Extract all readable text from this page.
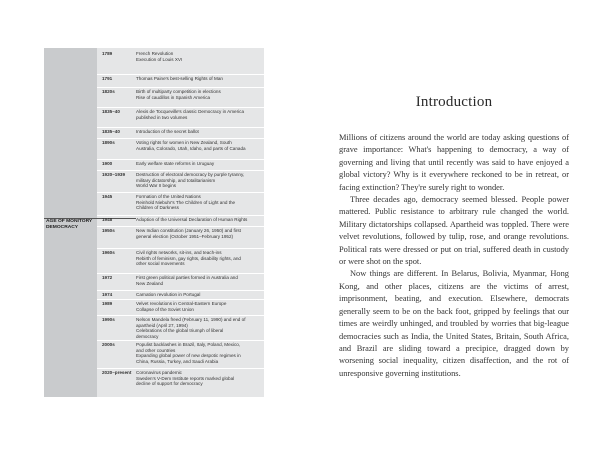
AGE OF MONITORY DEMOCRACY
1789	French Revolution
Execution of Louis XVI
1791	Thomas Paine's best-selling Rights of Man
1820s	Birth of multiparty competition in elections
Rise of caudillos in Spanish America
1835–40	Alexis de Tocqueville's classic Democracy in America
published in two volumes
1835–40	Introduction of the secret ballot
1890s	Voting rights for women in New Zealand, South
Australia, Colorado, Utah, Idaho, and parts of Canada
1900	Early welfare state reforms in Uruguay
1920–1939 Destruction of electoral democracy by purple tyranny,
military dictatorship, and totalitarianism
World War II begins
1945	Formation of the United Nations
Reinhold Niebuhr's The Children of Light and the
Children of Darkness
1948	Adoption of the Universal Declaration of Human Rights
1950s	New Indian constitution (January 26, 1950) and first
general election (October 1951–February 1952)
1960s	Civil rights networks, sit-ins, and teach-ins
Rebirth of feminism, gay rights, disability rights, and
other social movements
1972	First green political parties formed in Australia and
New Zealand
1974	Carnation revolution in Portugal
1989	Velvet revolutions in Central-Eastern Europe
Collapse of the Soviet Union
1990s	Nelson Mandela freed (February 11, 1990) and end of
apartheid (April 27, 1994)
Celebrations of the global triumph of liberal
democracy
2000s	Populist backlashes in Brazil, Italy, Poland, Mexico,
and other countries
Expanding global power of new despotic regimes in
China, Russia, Turkey, and Saudi Arabia
2020–present Coronavirus pandemic
Sweden's V-Dem Institute reports marked global
decline of support for democracy
Introduction

Millions of citizens around the world are today asking questions of grave importance: What's happening to democracy, a way of governing and living that until recently was said to have enjoyed a global victory? Why is it everywhere reckoned to be in retreat, or facing extinction? They're surely right to wonder.

Three decades ago, democracy seemed blessed. People power mattered. Public resistance to arbitrary rule changed the world. Military dictatorships collapsed. Apartheid was toppled. There were velvet revolutions, followed by tulip, rose, and orange revolutions. Political rats were dressed or put on trial, suffered death in custody or were shot on the spot.

Now things are different. In Belarus, Bolivia, Myanmar, Hong Kong, and other places, citizens are the victims of arrest, imprisonment, beating, and execution. Elsewhere, democrats generally seem to be on the back foot, gripped by feelings that our times are weirdly unhinged, and troubled by worries that big-league democracies such as India, the United States, Britain, South Africa, and Brazil are sliding toward a precipice, dragged down by worsening social inequality, citizen disaffection, and the rot of unresponsive governing institutions.
